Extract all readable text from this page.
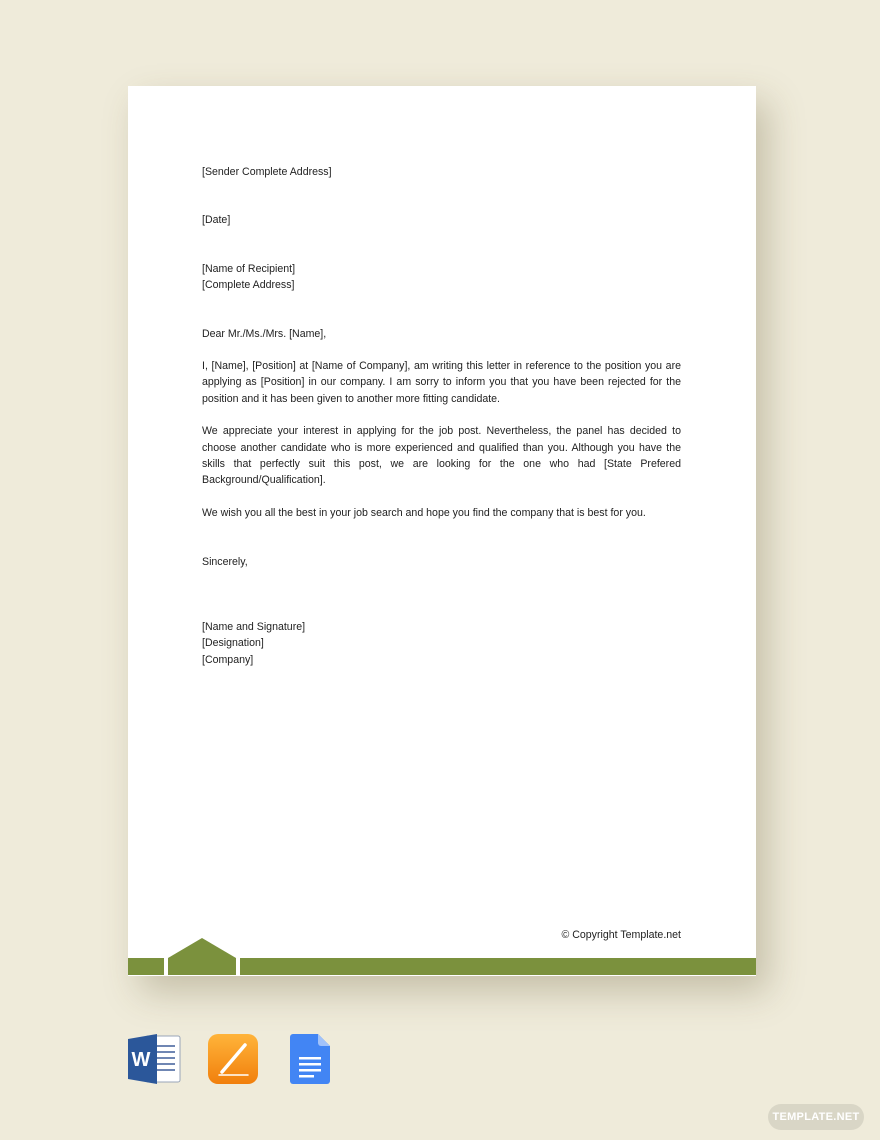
[Sender Complete Address]

[Date]

[Name of Recipient]

[Complete Address]

Dear Mr./Ms./Mrs. [Name],

I, [Name], [Position] at [Name of Company], am writing this letter in reference to the position you are applying as [Position] in our company. I am sorry to inform you that you have been rejected for the position and it has been given to another more fitting candidate.

We appreciate your interest in applying for the job post. Nevertheless, the panel has decided to choose another candidate who is more experienced and qualified than you. Although you have the skills that perfectly suit this post, we are looking for the one who had [State Prefered Background/Qualification].

We wish you all the best in your job search and hope you find the company that is best for you.

Sincerely,

[Name and Signature]

[Designation]

[Company]

© Copyright Template.net
W
TEMPLATE.NET
